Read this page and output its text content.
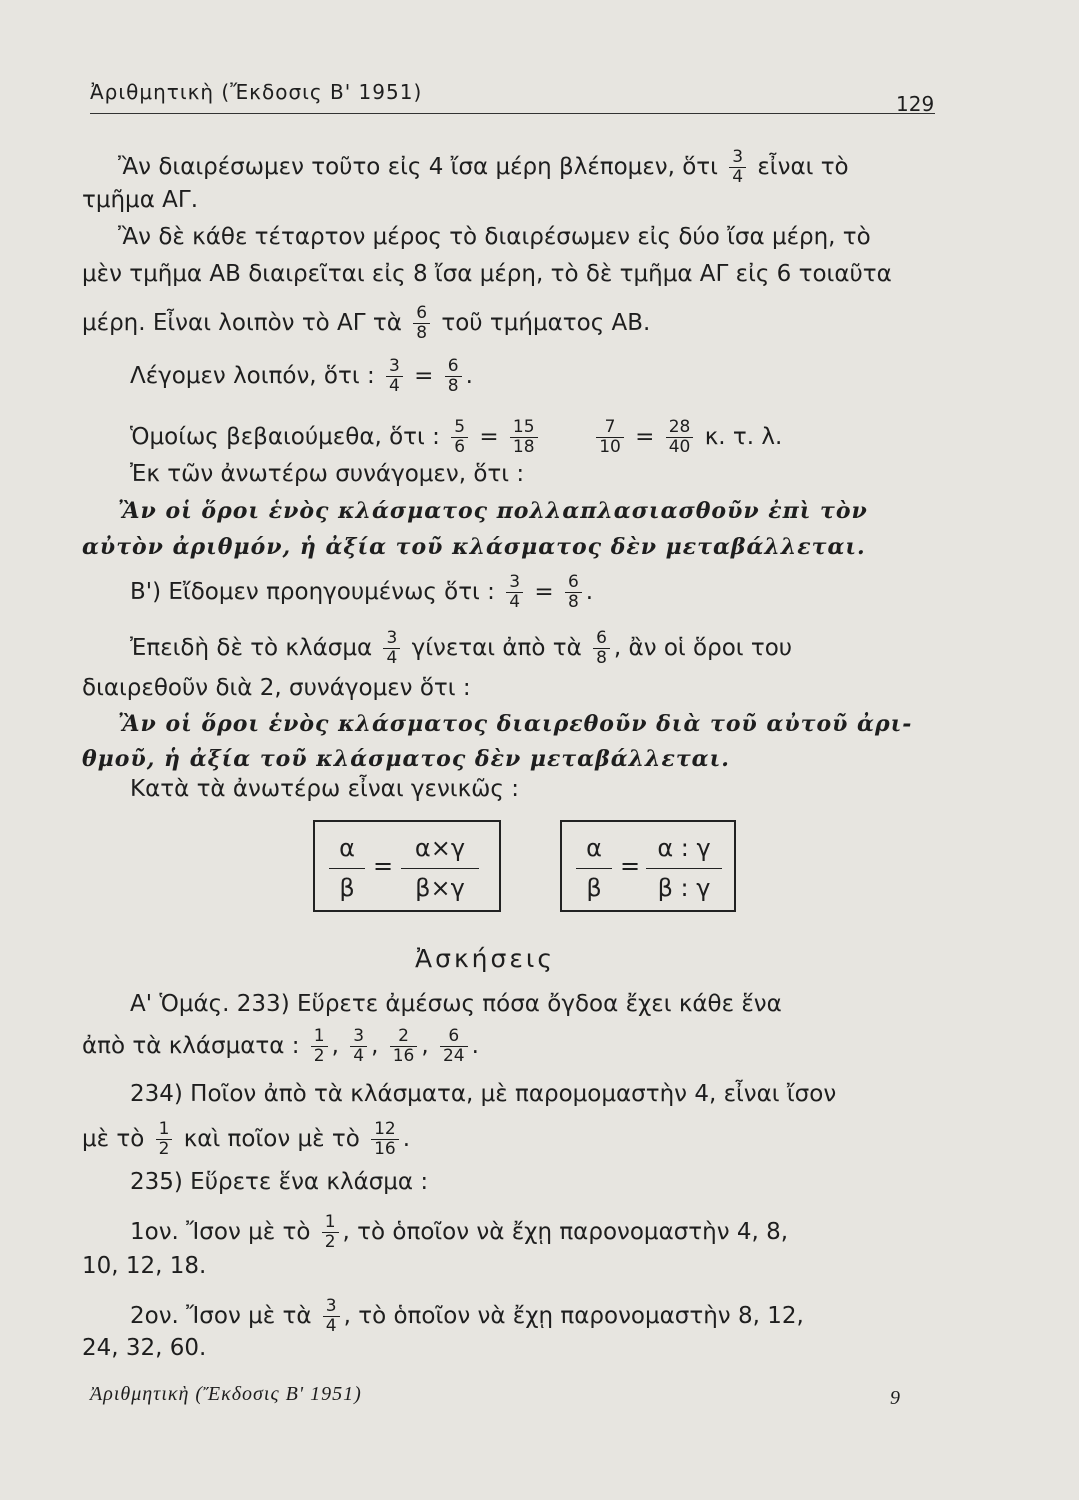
Ἀριθμητικὴ (Ἔκδοσις Β' 1951)	129
Ἂν διαιρέσωμεν τοῦτο εἰς 4 ἴσα μέρη βλέπομεν, ὅτι $\frac{3}{4}$ εἶναι τὸ
τμῆμα ΑΓ.
Ἂν δὲ κάθε τέταρτον μέρος τὸ διαιρέσωμεν εἰς δύο ἴσα μέρη, τὸ
μὲν τμῆμα ΑΒ διαιρεῖται εἰς 8 ἴσα μέρη, τὸ δὲ τμῆμα ΑΓ εἰς 6 τοιαῦτα
μέρη. Εἶναι λοιπὸν τὸ ΑΓ τὰ $\frac{6}{8}$ τοῦ τμήματος ΑΒ.
Λέγομεν λοιπόν, ὅτι : $\frac{3}{4} = \frac{6}{8}$ .
Ὁμοίως βεβαιούμεθα, ὅτι : $\frac{5}{6} = \frac{15}{18}$
	$\frac{7}{10} = \frac{28}{40} \kappa$. τ. λ.
Ἐκ τῶν ἀνωτέρω συνάγομεν, ὅτι :
Ἂν οἱ ὅροι ἑνὸς κλάσματος πολλαπλασιασθοῦν ἐπὶ τὸν
αὐτὸν ἀριθμόν, ἡ ἀξία τοῦ κλάσματος δὲν μεταβάλλεται.
Β') Εἴδομεν προηγουμένως ὅτι : $\frac{3}{4} = \frac{6}{8}$ .
Ἐπειδὴ δὲ τὸ κλάσμα $\frac{3}{4}$ γίνεται ἀπὸ τὰ $\frac{6}{8}$ , ἂν οἱ ὅροι του
διαιρεθοῦν διὰ 2, συνάγομεν ὅτι :
Ἂν οἱ ὅροι ἑνὸς κλάσματος διαιρεθοῦν διὰ τοῦ αὐτοῦ ἀρι-
θμοῦ, ἡ ἀξία τοῦ κλάσματος δὲν μεταβάλλεται.
Κατὰ τὰ ἀνωτέρω εἶναι γενικῶς :
α
β
=
α×γ
β×γ
α
β
=
α : γ
β : γ
Ἀσκήσεις
Α' Ὁμάς. 233) Εὕρετε ἀμέσως πόσα ὄγδοα ἔχει κάθε ἕνα
ἀπὸ τὰ κλάσματα : $\frac{1}{2}$ , $\frac{3}{4}$ , $\frac{2}{16}$ , $\frac{6}{24}$ .
234) Ποῖον ἀπὸ τὰ κλάσματα, μὲ παρομομαστὴν 4, εἶναι ἴσον
μὲ τὸ $\frac{1}{2}$ καὶ ποῖον μὲ τὸ $\frac{12}{16}$ .
235) Εὕρετε ἕνα κλάσμα :
1ον. Ἴσον μὲ τὸ $\frac{1}{2}$ , τὸ ὁποῖον νὰ ἔχῃ παρονομαστὴν 4, 8,
10, 12, 18.
2ον. Ἴσον μὲ τὰ $\frac{3}{4}$ , τὸ ὁποῖον νὰ ἔχῃ παρονομαστὴν 8, 12,
24, 32, 60.
Ἀριθμητικὴ (Ἔκδοσις Β' 1951)	9
